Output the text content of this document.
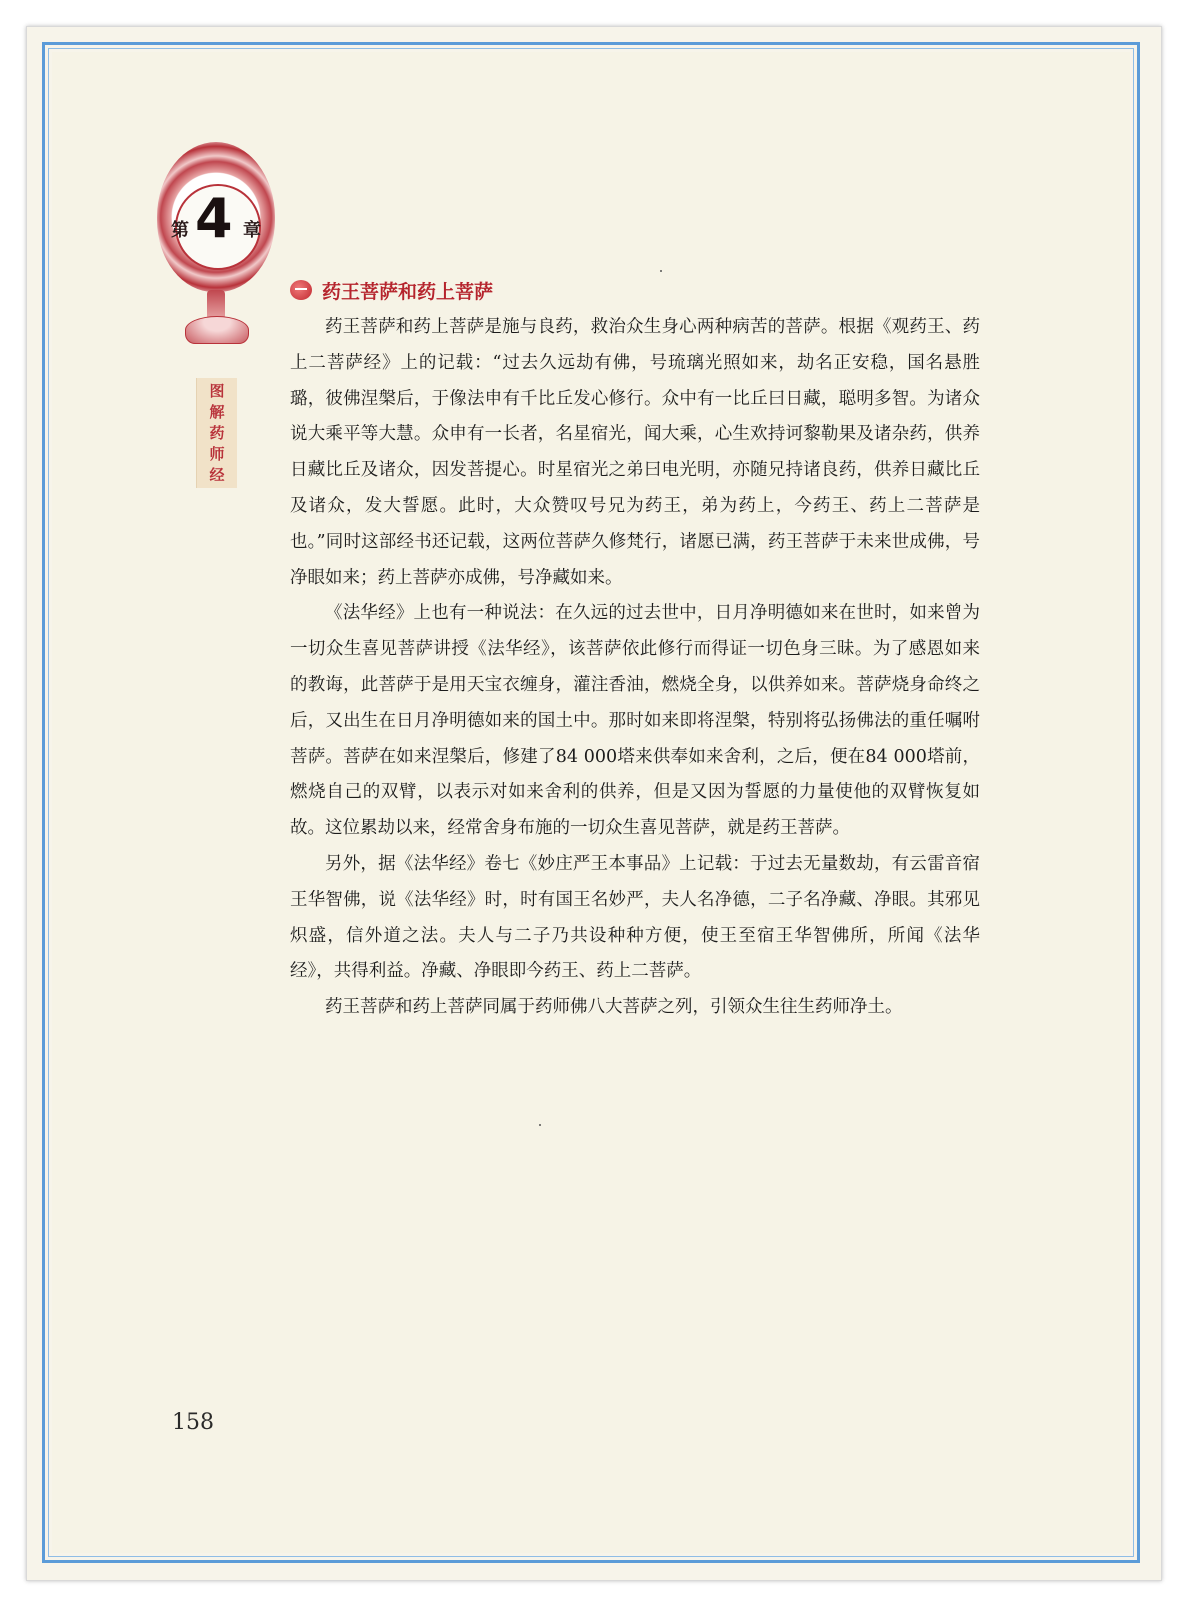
第 4 章
图
解
药
师
经
药王菩萨和药上菩萨

药王菩萨和药上菩萨是施与良药，救治众生身心两种病苦的菩萨。根据《观药王、药上二菩萨经》上的记载：“过去久远劫有佛，号琉璃光照如来，劫名正安稳，国名悬胜璐，彼佛涅槃后，于像法申有千比丘发心修行。众中有一比丘曰日藏，聪明多智。为诸众说大乘平等大慧。众申有一长者，名星宿光，闻大乘，心生欢持诃黎勒果及诸杂药，供养日藏比丘及诸众，因发菩提心。时星宿光之弟曰电光明，亦随兄持诸良药，供养日藏比丘及诸众，发大誓愿。此时，大众赞叹号兄为药王，弟为药上，今药王、药上二菩萨是也。”同时这部经书还记载，这两位菩萨久修梵行，诸愿已满，药王菩萨于未来世成佛，号净眼如来；药上菩萨亦成佛，号净藏如来。

《法华经》上也有一种说法：在久远的过去世中，日月净明德如来在世时，如来曾为一切众生喜见菩萨讲授《法华经》，该菩萨依此修行而得证一切色身三昧。为了感恩如来的教诲，此菩萨于是用天宝衣缠身，灌注香油，燃烧全身，以供养如来。菩萨烧身命终之后，又出生在日月净明德如来的国土中。那时如来即将涅槃，特别将弘扬佛法的重任嘱咐菩萨。菩萨在如来涅槃后，修建了84 000塔来供奉如来舍利，之后，便在84 000塔前，燃烧自己的双臂，以表示对如来舍利的供养，但是又因为誓愿的力量使他的双臂恢复如故。这位累劫以来，经常舍身布施的一切众生喜见菩萨，就是药王菩萨。

另外，据《法华经》卷七《妙庄严王本事品》上记载：于过去无量数劫，有云雷音宿王华智佛，说《法华经》时，时有国王名妙严，夫人名净德，二子名净藏、净眼。其邪见炽盛，信外道之法。夫人与二子乃共设种种方便，使王至宿王华智佛所，所闻《法华经》，共得利益。净藏、净眼即今药王、药上二菩萨。

药王菩萨和药上菩萨同属于药师佛八大菩萨之列，引领众生往生药师净土。

158
